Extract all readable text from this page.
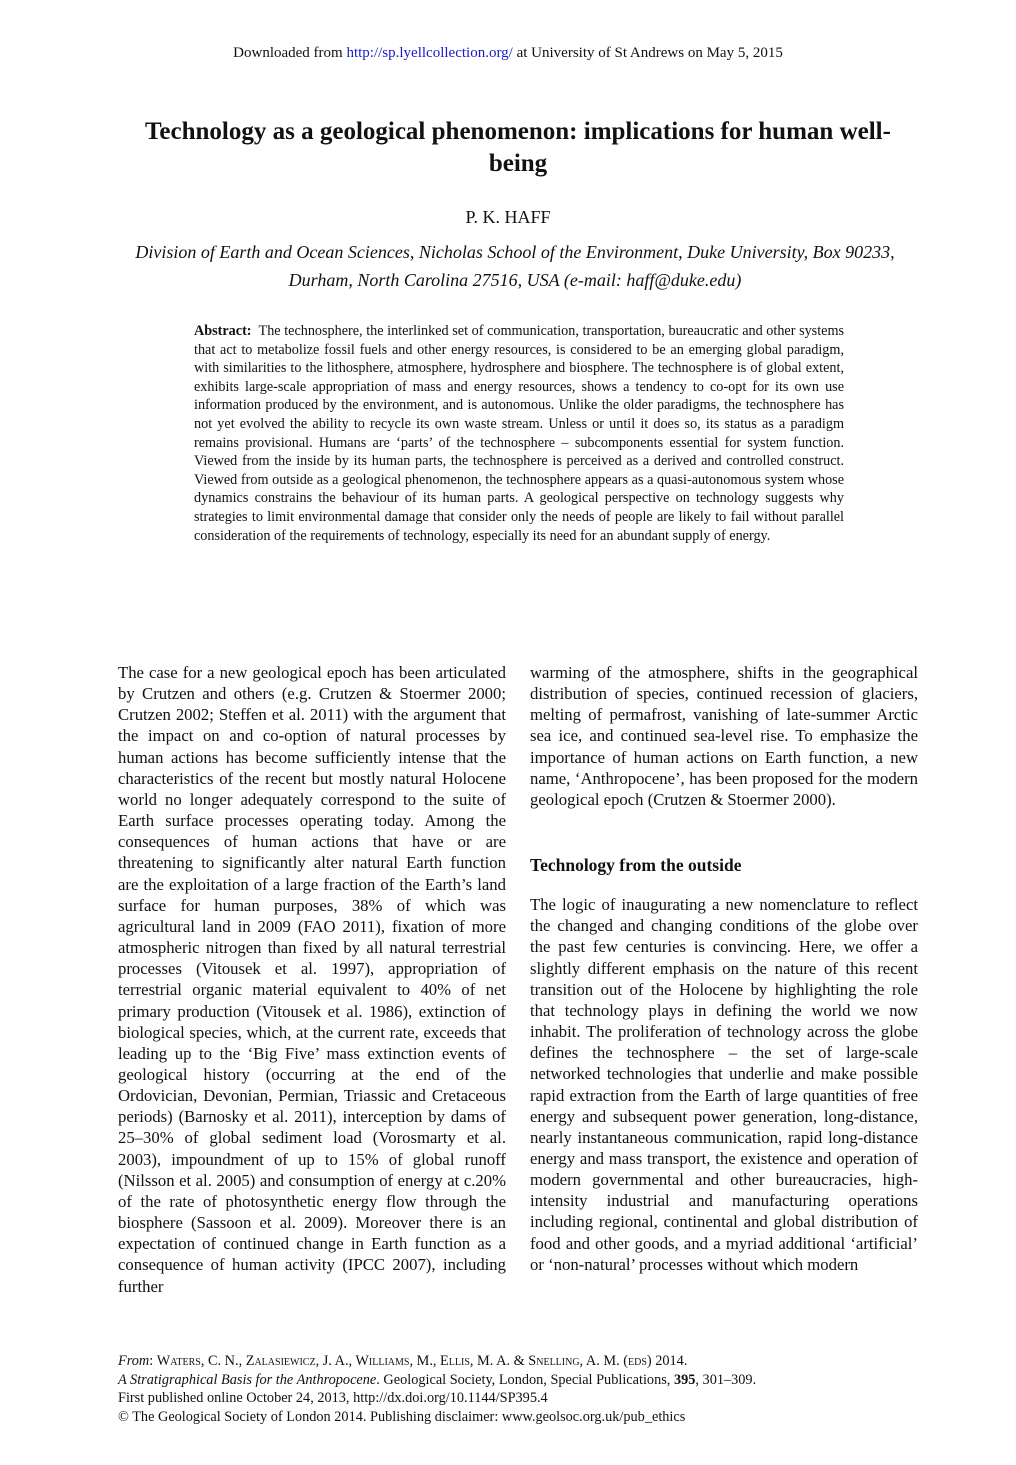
Downloaded from http://sp.lyellcollection.org/ at University of St Andrews on May 5, 2015
Technology as a geological phenomenon: implications for human well-being
P. K. HAFF
Division of Earth and Ocean Sciences, Nicholas School of the Environment, Duke University, Box 90233, Durham, North Carolina 27516, USA (e-mail: haff@duke.edu)
Abstract: The technosphere, the interlinked set of communication, transportation, bureaucratic and other systems that act to metabolize fossil fuels and other energy resources, is considered to be an emerging global paradigm, with similarities to the lithosphere, atmosphere, hydrosphere and biosphere. The technosphere is of global extent, exhibits large-scale appropriation of mass and energy resources, shows a tendency to co-opt for its own use information produced by the environment, and is autonomous. Unlike the older paradigms, the technosphere has not yet evolved the ability to recycle its own waste stream. Unless or until it does so, its status as a paradigm remains provisional. Humans are ‘parts’ of the technosphere – subcomponents essential for system function. Viewed from the inside by its human parts, the technosphere is perceived as a derived and controlled construct. Viewed from outside as a geological phenomenon, the technosphere appears as a quasi-autonomous system whose dynamics constrains the behaviour of its human parts. A geological perspective on technology suggests why strategies to limit environmental damage that consider only the needs of people are likely to fail without parallel consideration of the requirements of technology, especially its need for an abundant supply of energy.

The case for a new geological epoch has been articulated by Crutzen and others (e.g. Crutzen & Stoermer 2000; Crutzen 2002; Steffen et al. 2011) with the argument that the impact on and co-option of natural processes by human actions has become sufficiently intense that the characteristics of the recent but mostly natural Holocene world no longer adequately correspond to the suite of Earth surface processes operating today. Among the consequences of human actions that have or are threatening to significantly alter natural Earth function are the exploitation of a large fraction of the Earth’s land surface for human purposes, 38% of which was agricultural land in 2009 (FAO 2011), fixation of more atmospheric nitrogen than fixed by all natural terrestrial processes (Vitousek et al. 1997), appropriation of terrestrial organic material equivalent to 40% of net primary production (Vitousek et al. 1986), extinction of biological species, which, at the current rate, exceeds that leading up to the ‘Big Five’ mass extinction events of geological history (occurring at the end of the Ordovician, Devonian, Permian, Triassic and Cretaceous periods) (Barnosky et al. 2011), interception by dams of 25–30% of global sediment load (Vorosmarty et al. 2003), impoundment of up to 15% of global runoff (Nilsson et al. 2005) and consumption of energy at c.20% of the rate of photosynthetic energy flow through the biosphere (Sassoon et al. 2009). Moreover there is an expectation of continued change in Earth function as a consequence of human activity (IPCC 2007), including further

warming of the atmosphere, shifts in the geographical distribution of species, continued recession of glaciers, melting of permafrost, vanishing of late-summer Arctic sea ice, and continued sea-level rise. To emphasize the importance of human actions on Earth function, a new name, ‘Anthropocene’, has been proposed for the modern geological epoch (Crutzen & Stoermer 2000).

Technology from the outside

The logic of inaugurating a new nomenclature to reflect the changed and changing conditions of the globe over the past few centuries is convincing. Here, we offer a slightly different emphasis on the nature of this recent transition out of the Holocene by highlighting the role that technology plays in defining the world we now inhabit. The proliferation of technology across the globe defines the technosphere – the set of large-scale networked technologies that underlie and make possible rapid extraction from the Earth of large quantities of free energy and subsequent power generation, long-distance, nearly instantaneous communication, rapid long-distance energy and mass transport, the existence and operation of modern governmental and other bureaucracies, high-intensity industrial and manufacturing operations including regional, continental and global distribution of food and other goods, and a myriad additional ‘artificial’ or ‘non-natural’ processes without which modern

From: Waters, C. N., Zalasiewicz, J. A., Williams, M., Ellis, M. A. & Snelling, A. M. (eds) 2014.
A Stratigraphical Basis for the Anthropocene. Geological Society, London, Special Publications, 395, 301–309.
First published online October 24, 2013, http://dx.doi.org/10.1144/SP395.4
© The Geological Society of London 2014. Publishing disclaimer: www.geolsoc.org.uk/pub_ethics
